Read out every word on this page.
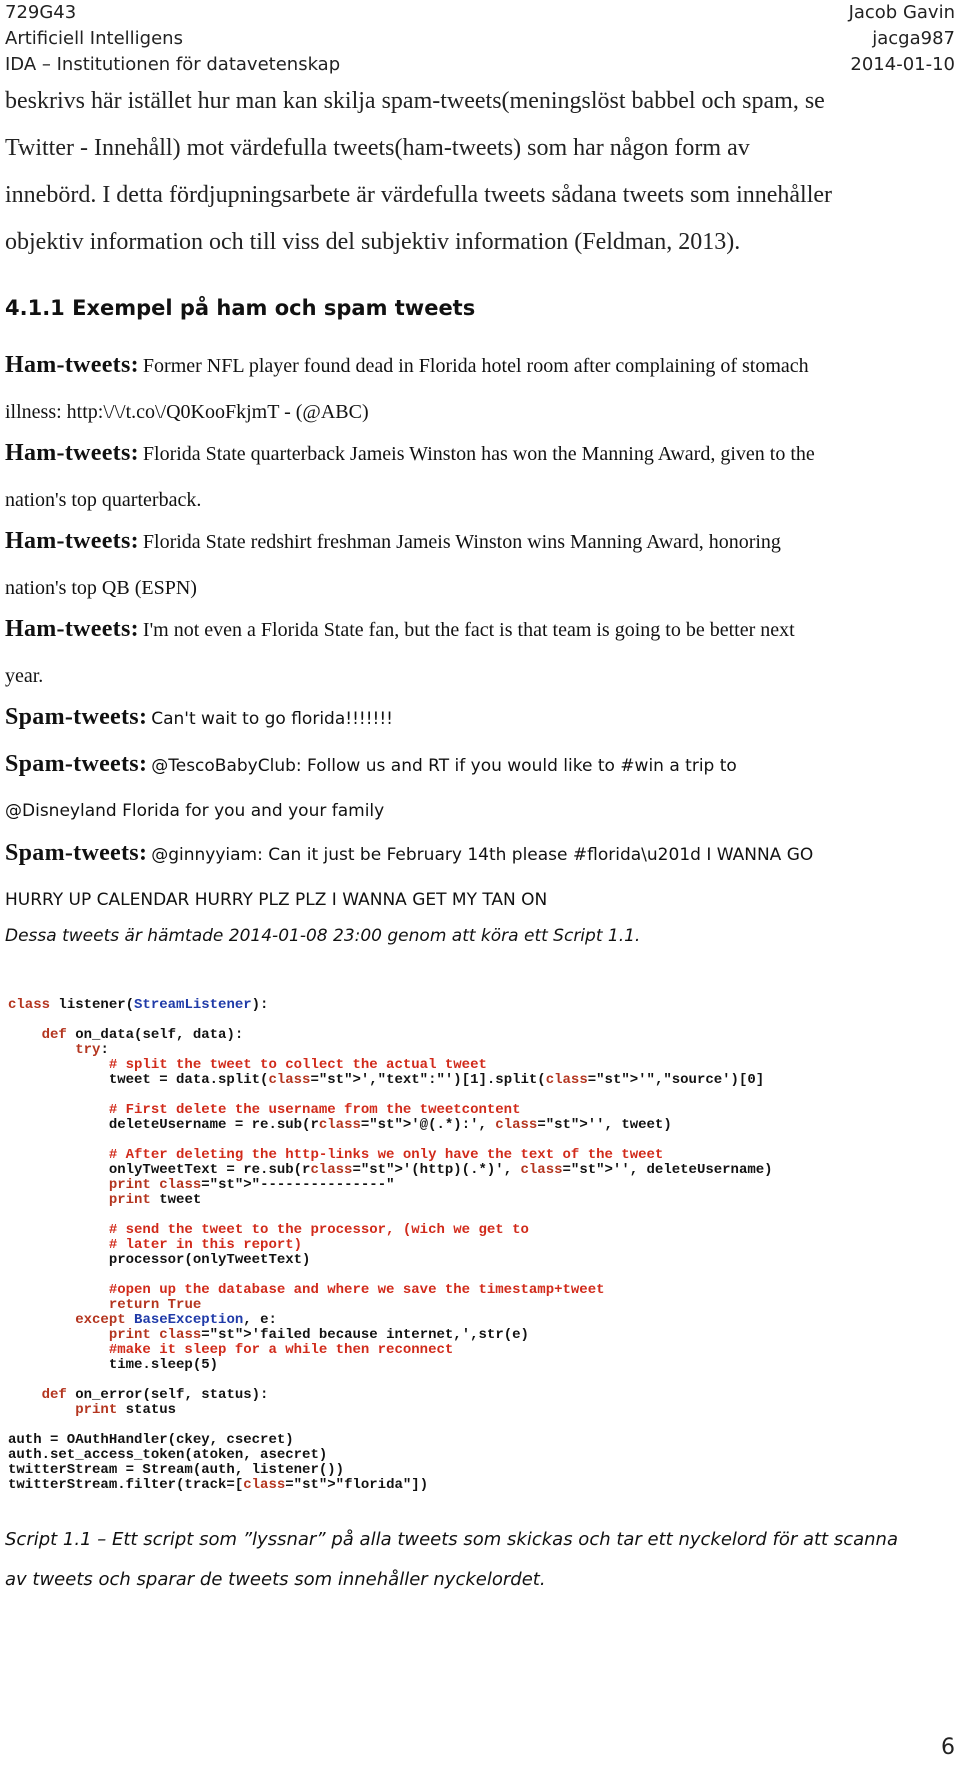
729G43	Jacob Gavin
Artificiell Intelligens	jacga987
IDA – Institutionen för datavetenskap	2014-01-10
beskrivs här istället hur man kan skilja spam-tweets(meningslöst babbel och spam, se
Twitter - Innehåll) mot värdefulla tweets(ham-tweets) som har någon form av
innebörd. I detta fördjupningsarbete är värdefulla tweets sådana tweets som innehåller
objektiv information och till viss del subjektiv information (Feldman, 2013).
4.1.1 Exempel på ham och spam tweets
Ham-tweets: Former NFL player found dead in Florida hotel room after complaining of stomach
illness: http:\/\/t.co\/Q0KooFkjmT - (@ABC)
Ham-tweets: Florida State quarterback Jameis Winston has won the Manning Award, given to the
nation's top quarterback.
Ham-tweets: Florida State redshirt freshman Jameis Winston wins Manning Award, honoring
nation's top QB (ESPN)
Ham-tweets: I'm not even a Florida State fan, but the fact is that team is going to be better next
year.
Spam-tweets: Can't wait to go florida!!!!!!!
Spam-tweets: @TescoBabyClub: Follow us and RT if you would like to #win a trip to
@Disneyland Florida for you and your family
Spam-tweets: @ginnyyiam: Can it just be February 14th please #florida\u201d I WANNA GO
HURRY UP CALENDAR HURRY PLZ PLZ I WANNA GET MY TAN ON
Dessa tweets är hämtade 2014-01-08 23:00 genom att köra ett Script 1.1.
class listener(StreamListener):

def on_data(self, data):
try:
# split the tweet to collect the actual tweet
tweet = data.split(class="st">',"text":"')[1].split(class="st">'","source')[0]

# First delete the username from the tweetcontent
deleteUsername = re.sub(rclass="st">'@(.*):', class="st">'', tweet)

# After deleting the http-links we only have the text of the tweet
onlyTweetText = re.sub(rclass="st">'(http)(.*)', class="st">'', deleteUsername)
print class="st">"---------------"
print tweet

# send the tweet to the processor, (wich we get to
# later in this report)
processor(onlyTweetText)

#open up the database and where we save the timestamp+tweet
return True
except BaseException, e:
print class="st">'failed because internet,',str(e)
#make it sleep for a while then reconnect
time.sleep(5)

def on_error(self, status):
print status

auth = OAuthHandler(ckey, csecret)
auth.set_access_token(atoken, asecret)
twitterStream = Stream(auth, listener())
twitterStream.filter(track=[class="st">"florida"])
Script 1.1 – Ett script som ”lyssnar” på alla tweets som skickas och tar ett nyckelord för att scanna
av tweets och sparar de tweets som innehåller nyckelordet.
6
